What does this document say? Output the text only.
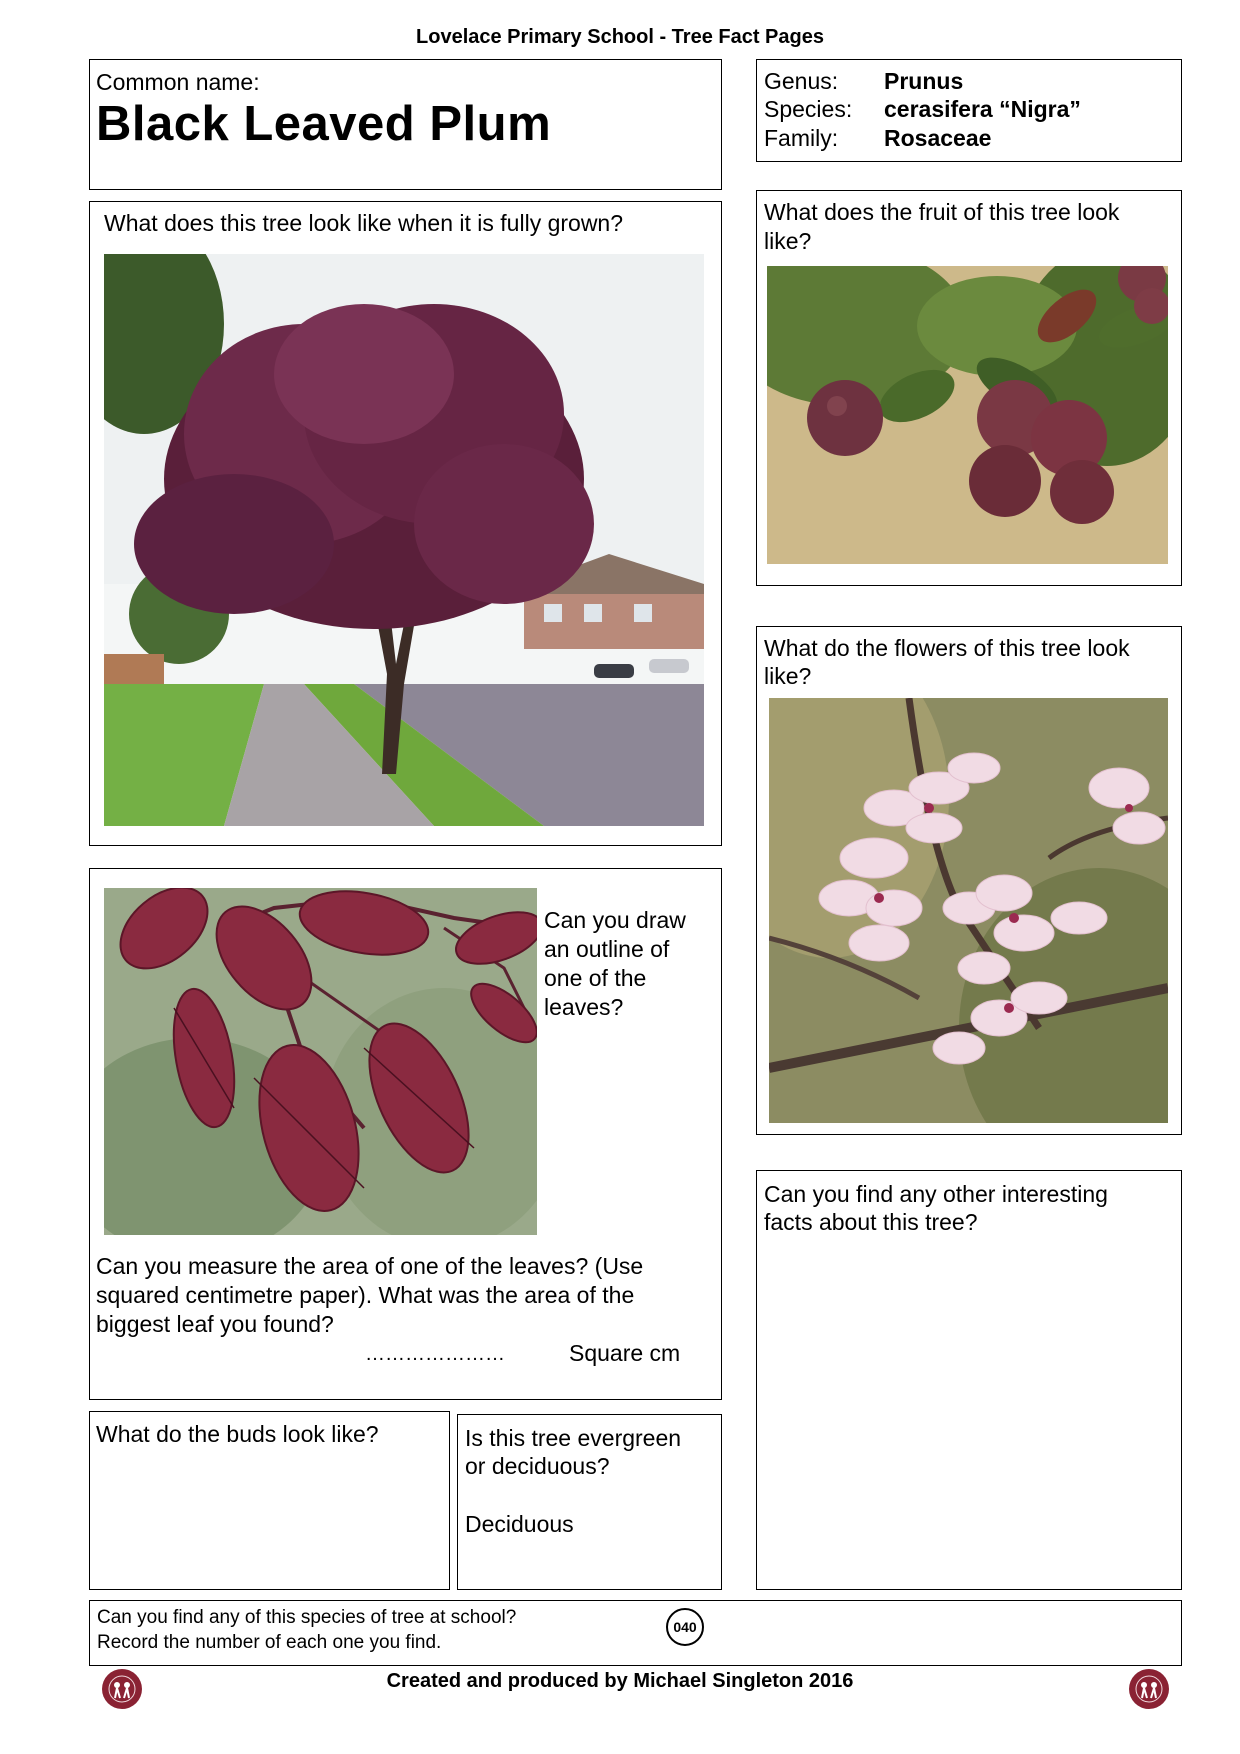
Lovelace Primary School - Tree Fact Pages
Common name:
Black Leaved Plum
Genus: Prunus
Species: cerasifera “Nigra”
Family: Rosaceae
What does this tree look like when it is fully grown?	What does the fruit of this tree look
like?
What do the flowers of this tree look
like?
Can you draw
an outline of
one of the
leaves?
Can you measure the area of one of the leaves? (Use
squared centimetre paper). What was the area of the
biggest leaf you found?
…………………	Square cm
What do the buds look like?	Is this tree evergreen
or deciduous?
Deciduous
Can you find any other interesting
facts about this tree?
Can you find any of this species of tree at school?
Record the number of each one you find.
040
Created and produced by Michael Singleton 2016
